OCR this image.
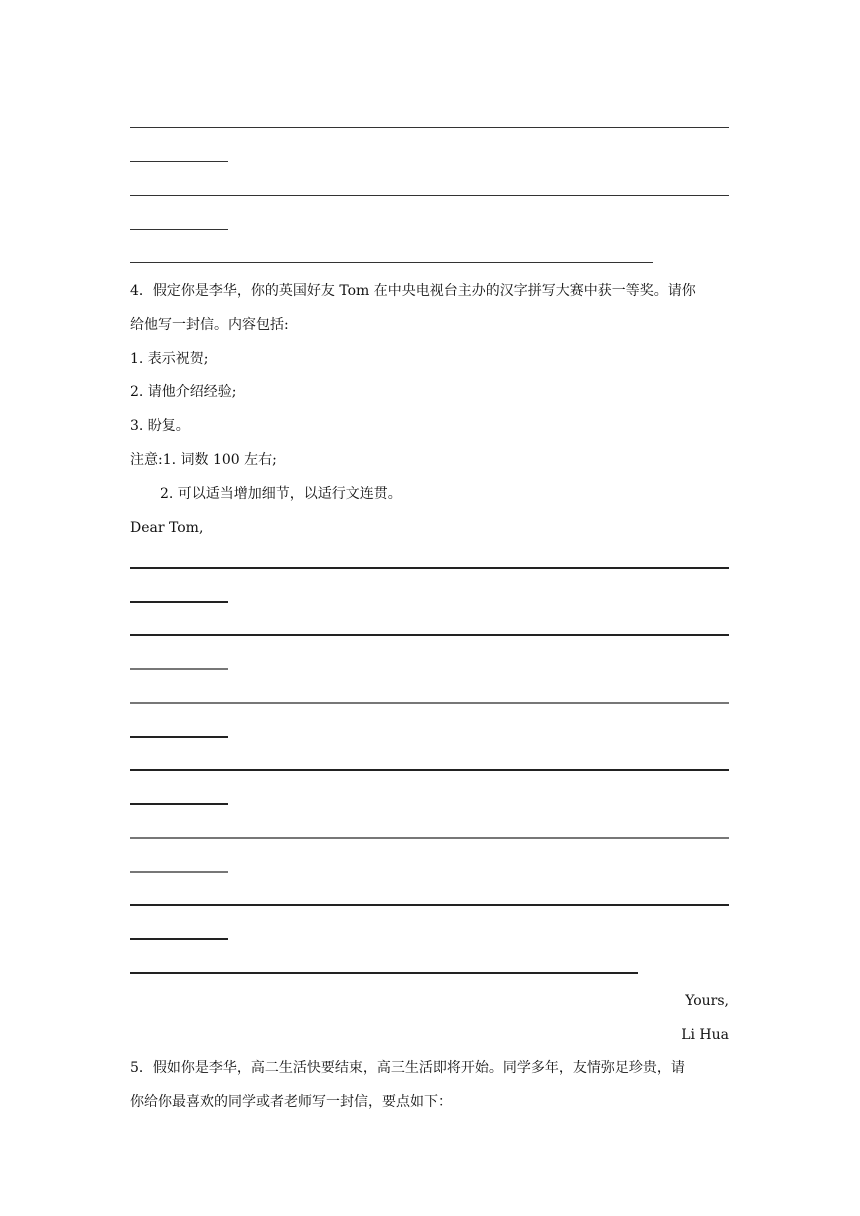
4．假定你是李华，你的英国好友 Tom 在中央电视台主办的汉字拼写大赛中获一等奖。请你
给他写一封信。内容包括:
1. 表示祝贺;
2. 请他介绍经验;
3. 盼复。
注意:1. 词数 100 左右;
2. 可以适当增加细节，以适行文连贯。
Dear Tom,
Yours,
Li Hua
5．假如你是李华，高二生活快要结束，高三生活即将开始。同学多年，友情弥足珍贵，请
你给你最喜欢的同学或者老师写一封信，要点如下：
